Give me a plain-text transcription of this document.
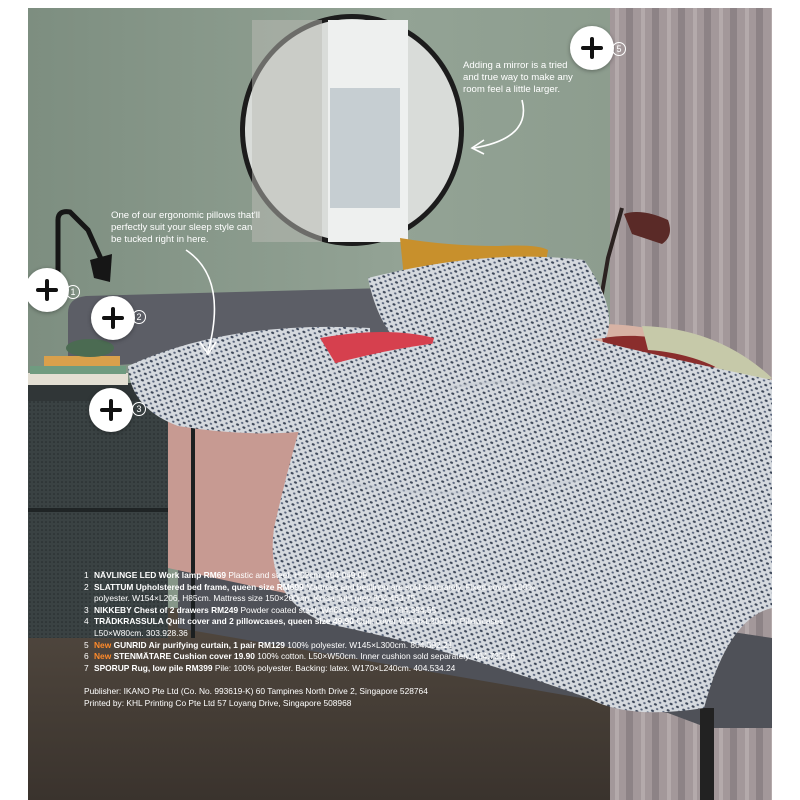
1
2
3
5

Adding a mirror is a tried and true way to make any room feel a little larger.

One of our ergonomic pillows that'll perfectly suit your sleep style can be tucked right in here.

1 NÄVLINGE LED Work lamp RM69 Plastic and steel. H52cm. 404.049.09
2 SLATTUM Upholstered bed frame, queen size RM699 Mattress and bedlinen are sold separately. Fixed cover: 100% polyester. W154×L206, H85cm. Mattress size 150×200cm. Knisa light grey 804.463.75
3 NIKKEBY Chest of 2 drawers RM249 Powder coated steel. W46×D49, H70cm. 704.394.55
4 TRÄDKRASSULA Quilt cover and 2 pillowcases, queen size 49.90 Quilt cover W200×L200cm. Pillowcases L50×W80cm. 303.928.36
5 New GUNRID Air purifying curtain, 1 pair RM129 100% polyester. W145×L300cm. 804.592.21
6 New STENMÄTARE Cushion cover 19.90 100% cotton. L50×W50cm. Inner cushion sold separately. 404.725.16
7 SPORUP Rug, low pile RM399 Pile: 100% polyester. Backing: latex. W170×L240cm. 404.534.24

Publisher: IKANO Pte Ltd (Co. No. 993619-K) 60 Tampines North Drive 2, Singapore 528764

Printed by: KHL Printing Co Pte Ltd 57 Loyang Drive, Singapore 508968
